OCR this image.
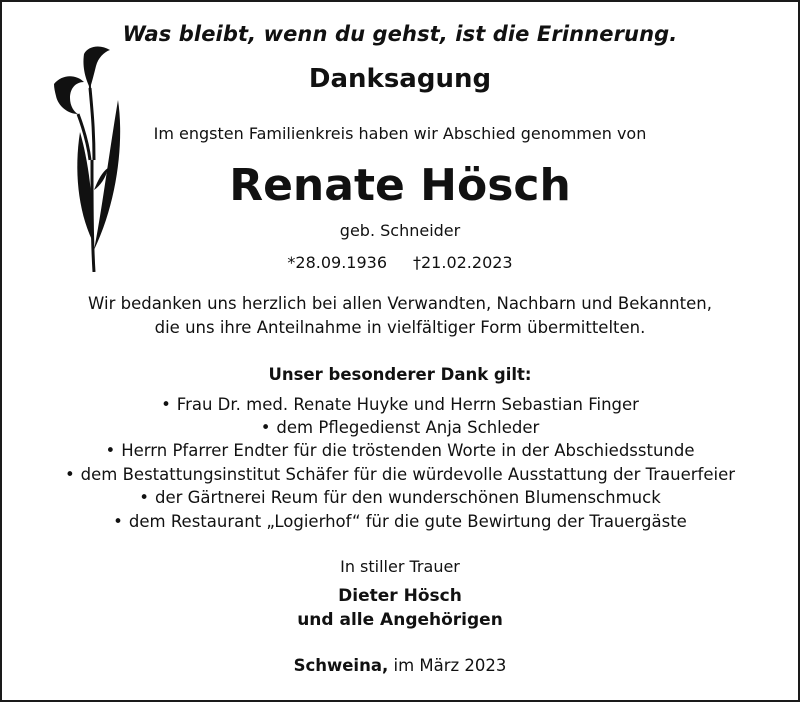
Was bleibt, wenn du gehst, ist die Erinnerung.
Danksagung
Im engsten Familienkreis haben wir Abschied genommen von
Renate Hösch
geb. Schneider
*28.09.1936 †21.02.2023
Wir bedanken uns herzlich bei allen Verwandten, Nachbarn und Bekannten,
die uns ihre Anteilnahme in vielfältiger Form übermittelten.
Unser besonderer Dank gilt:
• Frau Dr. med. Renate Huyke und Herrn Sebastian Finger
• dem Pflegedienst Anja Schleder
• Herrn Pfarrer Endter für die tröstenden Worte in der Abschiedsstunde
• dem Bestattungsinstitut Schäfer für die würdevolle Ausstattung der Trauerfeier
• der Gärtnerei Reum für den wunderschönen Blumenschmuck
• dem Restaurant „Logierhof“ für die gute Bewirtung der Trauergäste
In stiller Trauer
Dieter Hösch
und alle Angehörigen
Schweina, im März 2023
